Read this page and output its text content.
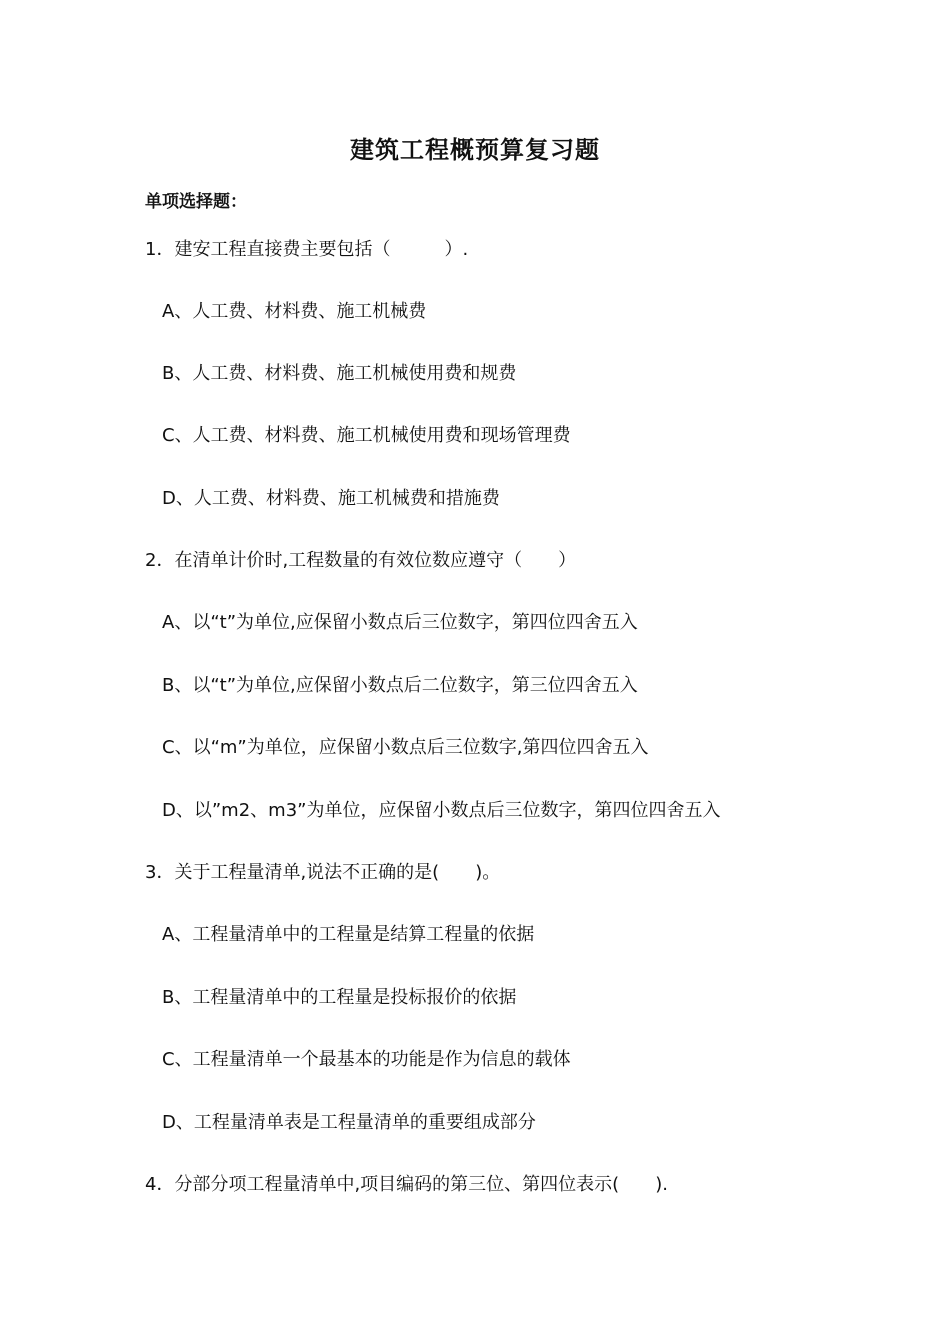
建筑工程概预算复习题
单项选择题：
1．建安工程直接费主要包括（　　　）.
A、人工费、材料费、施工机械费
B、人工费、材料费、施工机械使用费和规费
C、人工费、材料费、施工机械使用费和现场管理费
D、人工费、材料费、施工机械费和措施费
2．在清单计价时,工程数量的有效位数应遵守（　　）
A、以“t”为单位,应保留小数点后三位数字，第四位四舍五入
B、以“t”为单位,应保留小数点后二位数字，第三位四舍五入
C、以“m”为单位，应保留小数点后三位数字,第四位四舍五入
D、以”m2、m3”为单位，应保留小数点后三位数字，第四位四舍五入
3．关于工程量清单,说法不正确的是(　　)。
A、工程量清单中的工程量是结算工程量的依据
B、工程量清单中的工程量是投标报价的依据
C、工程量清单一个最基本的功能是作为信息的载体
D、工程量清单表是工程量清单的重要组成部分
4．分部分项工程量清单中,项目编码的第三位、第四位表示(　　).
